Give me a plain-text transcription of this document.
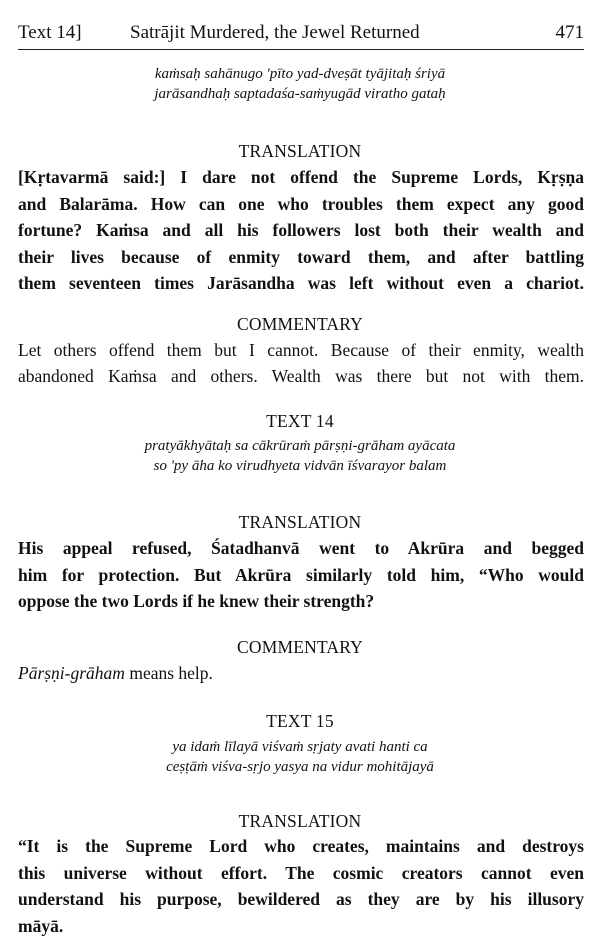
Text 14]	Satrājit Murdered, the Jewel Returned	471
kaṁsaḥ sahānugo 'pīto yad-dveṣāt tyājitaḥ śriyā
jarāsandhaḥ saptadaśa-saṁyugād viratho gataḥ
TRANSLATION
[Kṛtavarmā said:] I dare not offend the Supreme Lords, Kṛṣṇa
and Balarāma. How can one who troubles them expect any good
fortune? Kaṁsa and all his followers lost both their wealth and
their lives because of enmity toward them, and after battling
them seventeen times Jarāsandha was left without even a chariot.
COMMENTARY
Let others offend them but I cannot. Because of their enmity, wealth
abandoned Kaṁsa and others. Wealth was there but not with them.
TEXT 14
pratyākhyātaḥ sa cākrūraṁ pārṣṇi-grāham ayācata
so 'py āha ko virudhyeta vidvān īśvarayor balam
TRANSLATION
His appeal refused, Śatadhanvā went to Akrūra and begged
him for protection. But Akrūra similarly told him, “Who would
oppose the two Lords if he knew their strength?
COMMENTARY
Pārṣṇi-grāham means help.
TEXT 15
ya idaṁ līlayā viśvaṁ sṛjaty avati hanti ca
ceṣṭāṁ viśva-sṛjo yasya na vidur mohitājayā
TRANSLATION
“It is the Supreme Lord who creates, maintains and destroys
this universe without effort. The cosmic creators cannot even
understand his purpose, bewildered as they are by his illusory
māyā.
